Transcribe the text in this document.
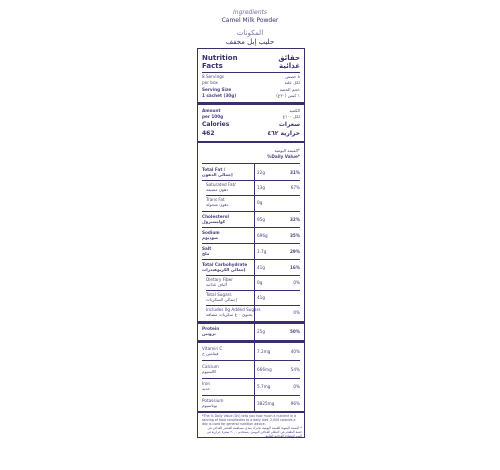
Ingredients
Camel Milk Powder
المكونات
حليب إبل مجفف
Nutrition
Facts
حقائق
غذائية
8 Servings
per box
٨ حصص
لكل علبة
Serving Size
1 sachet (30g)
حجم الحصة
١ كيس (٣٠غ)
Amount
per 100g
الكمية
لكل ١٠٠غ
Calories	سعرات
462	حرارية ٤٦٢
القيمة اليومية*
%Daily Value*
Total Fat /
إجمالي الدهون	22g	31%
Saturated Fat/
دهون مشبعة	13g	67%
Trans Fat
دهون متحولة	0g
Cholesterol
كوليسترول	95g	32%
Sodium
صوديوم	696g	35%
Salt
ملح	1.7g	29%
Total Carbohydrate
إجمالي الكربوهيدرات	41g	16%
Dietary Fiber
ألياف غذائية	0g	0%
Total Sugars
إجمالي السكريات	41g
Includes 0g Added Sugars
يحتوي ٠ غ سكريات مضافة	0%
Protein
بروتين	25g	50%
Vitamin C
فيتامين ج	7.2mg	40%
Calcium
كالسيوم	666mg	54%
Iron
حديد	5.7mg	0%
Potassium
بوتاسيوم	3825mg	96%
*The % Daily Value (DV) tells you how much a nutrient in a serving of food contributes to a daily diet. 2,000 calories a day is used for general nutrition advice.
* النسبة المئوية للقيمة اليومية تخبرك بمدى مساهمة العنصر الغذائي في حصة الطعام في النظام الغذائي اليومي. يستخدم ٢٠٠٠ سعرة حرارية في اليوم للنصائح الغذائية العامة.
